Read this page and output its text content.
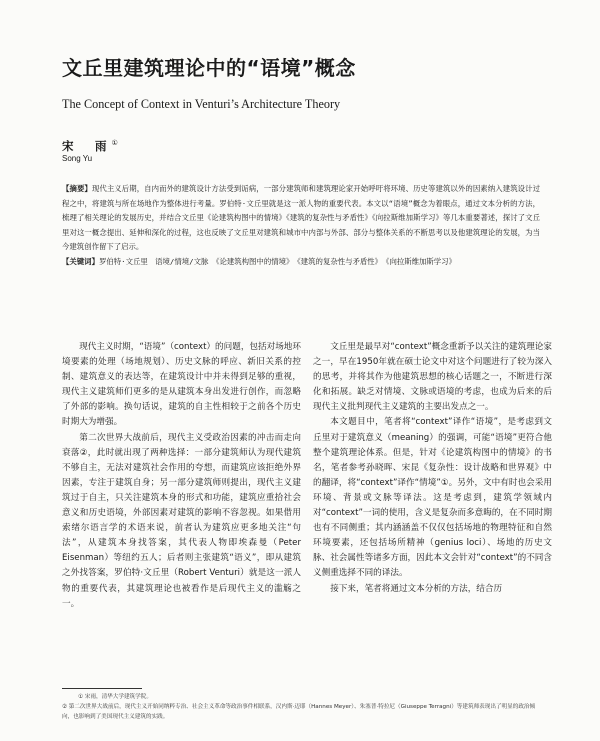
文丘里建筑理论中的“语境”概念
The Concept of Context in Venturi’s Architecture Theory
宋　雨①
Song Yu

【摘要】现代主义后期，自内而外的建筑设计方法受到诟病，一部分建筑师和建筑理论家开始呼吁将环境、历史等建筑以外的因素纳入建筑设计过程之中，将建筑与所在场地作为整体进行考量。罗伯特·文丘里就是这一派人物的重要代表。本文以“语境”概念为着眼点，通过文本分析的方法，梳理了相关理论的发展历史，并结合文丘里《论建筑构图中的情境》《建筑的复杂性与矛盾性》《向拉斯维加斯学习》等几本重要著述，探讨了文丘里对这一概念提出、延伸和深化的过程，这也反映了文丘里对建筑和城市中内部与外部、部分与整体关系的不断思考以及他建筑理论的发展，为当今建筑创作留下了启示。

【关键词】罗伯特·文丘里　语境/情境/文脉　《论建筑构图中的情境》　《建筑的复杂性与矛盾性》　《向拉斯维加斯学习》

现代主义时期，“语境”（context）的问题，包括对场地环境要素的处理（场地规划）、历史文脉的呼应、新旧关系的控制、建筑意义的表达等，在建筑设计中并未得到足够的重视，现代主义建筑师们更多的是从建筑本身出发进行创作，而忽略了外部的影响。换句话说，建筑的自主性相较于之前各个历史时期大为增强。

第二次世界大战前后，现代主义受政治因素的冲击而走向衰落②，此时就出现了两种选择：一部分建筑师认为现代建筑不够自主，无法对建筑社会作用的夸想，而建筑应该拒绝外界因素，专注于建筑自身；另一部分建筑师则提出，现代主义建筑过于自主，只关注建筑本身的形式和功能，建筑应重拾社会意义和历史语境，外部因素对建筑的影响不容忽视。如果借用索绪尔语言学的术语来说，前者认为建筑应更多地关注“句法”，从建筑本身找答案，其代表人物即埃森曼（Peter Eisenman）等纽约五人；后者则主张建筑“语义”，即从建筑之外找答案，罗伯特·文丘里（Robert Venturi）就是这一派人物的重要代表，其建筑理论也被看作是后现代主义的滥觞之一。

文丘里是最早对“context”概念重新予以关注的建筑理论家之一，早在1950年就在硕士论文中对这个问题进行了较为深入的思考，并将其作为他建筑思想的核心话题之一，不断进行深化和拓展。缺乏对情境、文脉或语境的考虑，也成为后来的后现代主义批判现代主义建筑的主要出发点之一。

本文题目中，笔者将“context”译作“语境”，是考虑到文丘里对于建筑意义（meaning）的强调，可能“语境”更符合他整个建筑理论体系。但是，针对《论建筑构图中的情境》的书名，笔者参考孙晓晖、宋昆《复杂性：设计战略和世界观》中的翻译，将“context”译作“情境”①。另外，文中有时也会采用环境、背景或文脉等译法。这是考虑到，建筑学领域内对“context”一词的使用，含义是复杂而多意晦的，在不同时期也有不同侧重；其内涵涵盖不仅仅包括场地的物理特征和自然环境要素，还包括场所精神（genius loci）、场地的历史文脉、社会属性等诸多方面，因此本文会针对“context”的不同含义侧重选择不同的译法。

接下来，笔者将通过文本分析的方法，结合历

① 宋雨，清华大学建筑学院。

② 第二次世界大战前后，现代主义开始同纳粹专治、社会主义革命等政治事件相联系，汉内斯·迈耶（Hannes Meyer）、朱塞普·特拉尼（Giuseppe Terragni）等建筑师表现出了明显的政治倾向，也影响到了美国现代主义建筑的实践。
